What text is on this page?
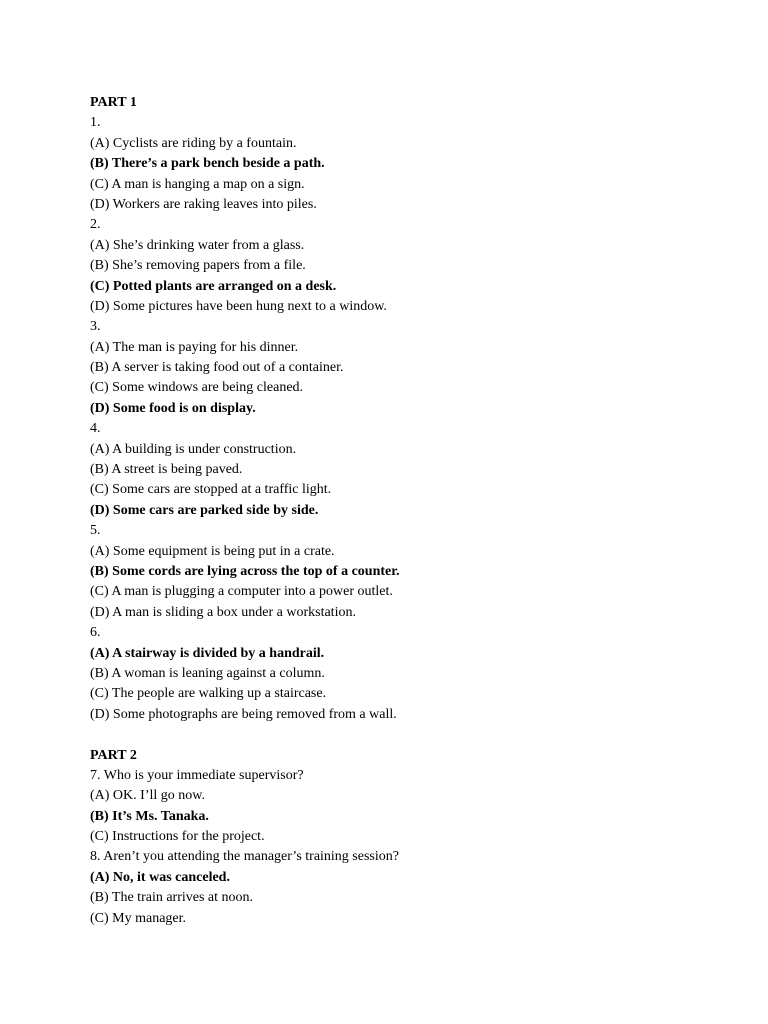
PART 1
1.
(A) Cyclists are riding by a fountain.
(B) There’s a park bench beside a path.
(C) A man is hanging a map on a sign.
(D) Workers are raking leaves into piles.
2.
(A) She’s drinking water from a glass.
(B) She’s removing papers from a file.
(C) Potted plants are arranged on a desk.
(D) Some pictures have been hung next to a window.
3.
(A) The man is paying for his dinner.
(B) A server is taking food out of a container.
(C) Some windows are being cleaned.
(D) Some food is on display.
4.
(A) A building is under construction.
(B) A street is being paved.
(C) Some cars are stopped at a traffic light.
(D) Some cars are parked side by side.
5.
(A) Some equipment is being put in a crate.
(B) Some cords are lying across the top of a counter.
(C) A man is plugging a computer into a power outlet.
(D) A man is sliding a box under a workstation.
6.
(A) A stairway is divided by a handrail.
(B) A woman is leaning against a column.
(C) The people are walking up a staircase.
(D) Some photographs are being removed from a wall.
PART 2
7. Who is your immediate supervisor?
(A) OK. I’ll go now.
(B) It’s Ms. Tanaka.
(C) Instructions for the project.
8. Aren’t you attending the manager’s training session?
(A) No, it was canceled.
(B) The train arrives at noon.
(C) My manager.
